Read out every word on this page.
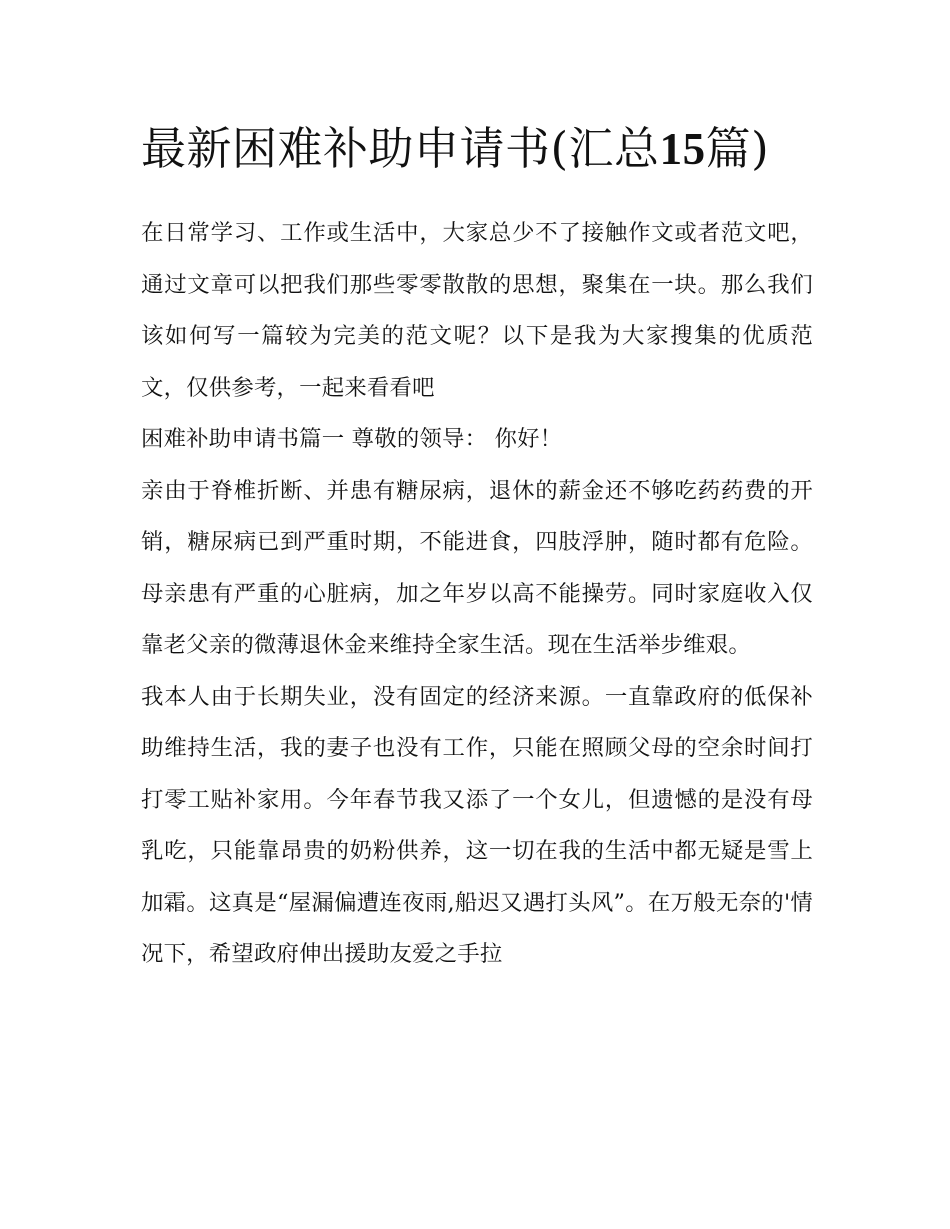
最新困难补助申请书(汇总15篇)

在日常学习、工作或生活中，大家总少不了接触作文或者范文吧，通过文章可以把我们那些零零散散的思想，聚集在一块。那么我们该如何写一篇较为完美的范文呢？以下是我为大家搜集的优质范文，仅供参考，一起来看看吧

困难补助申请书篇一 尊敬的领导： 你好！

亲由于脊椎折断、并患有糖尿病，退休的薪金还不够吃药药费的开销，糖尿病已到严重时期，不能进食，四肢浮肿，随时都有危险。母亲患有严重的心脏病，加之年岁以高不能操劳。同时家庭收入仅靠老父亲的微薄退休金来维持全家生活。现在生活举步维艰。

我本人由于长期失业，没有固定的经济来源。一直靠政府的低保补助维持生活，我的妻子也没有工作，只能在照顾父母的空余时间打打零工贴补家用。今年春节我又添了一个女儿，但遗憾的是没有母乳吃，只能靠昂贵的奶粉供养，这一切在我的生活中都无疑是雪上加霜。这真是“屋漏偏遭连夜雨,船迟又遇打头风”。在万般无奈的'情况下，希望政府伸出援助友爱之手拉
